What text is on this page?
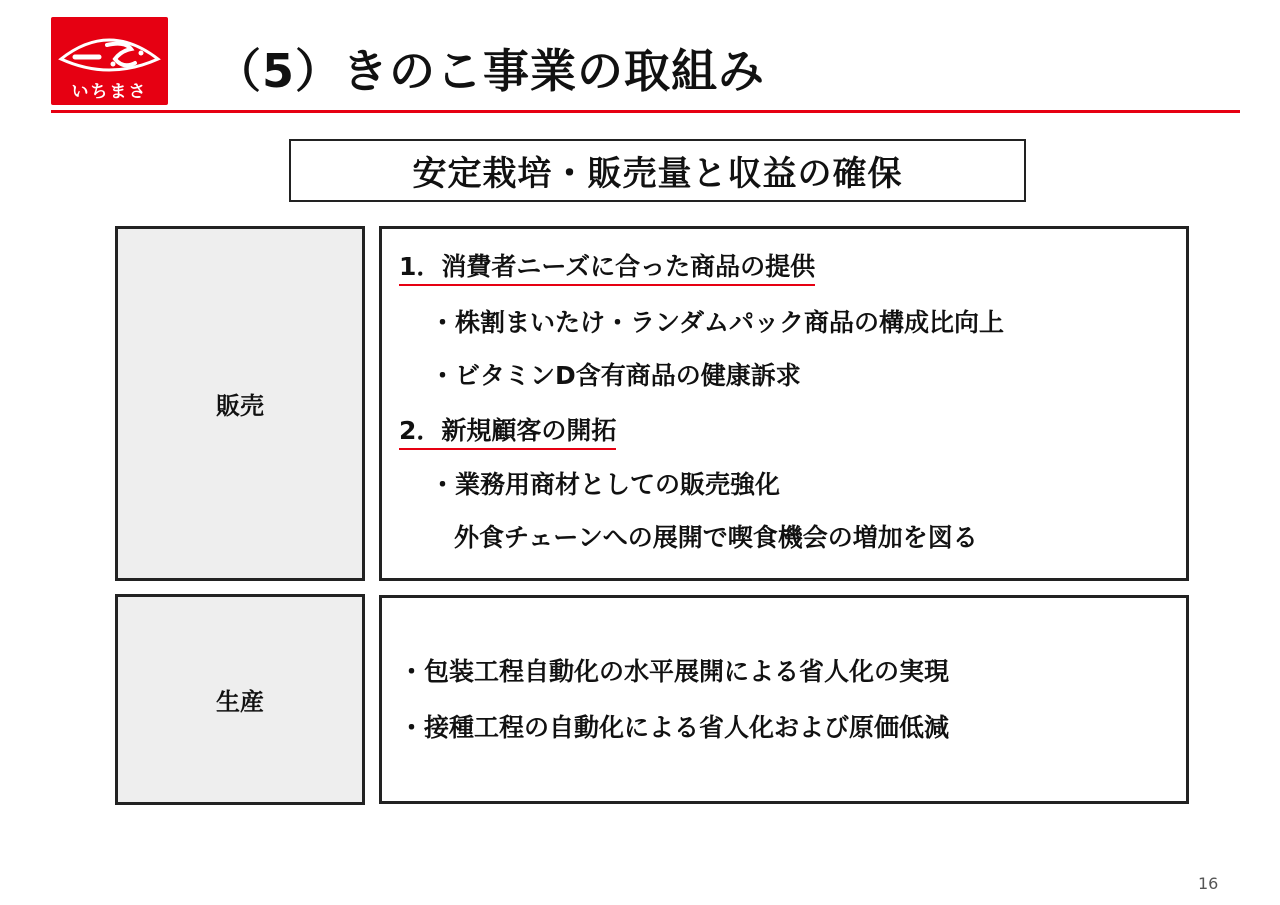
いちまさ	（5）きのこ事業の取組み
安定栽培・販売量と収益の確保
販売
1．消費者ニーズに合った商品の提供
・株割まいたけ・ランダムパック商品の構成比向上
・ビタミンD含有商品の健康訴求
2．新規顧客の開拓
・業務用商材としての販売強化
外食チェーンへの展開で喫食機会の増加を図る
生産
・包装工程自動化の水平展開による省人化の実現
・接種工程の自動化による省人化および原価低減
16
